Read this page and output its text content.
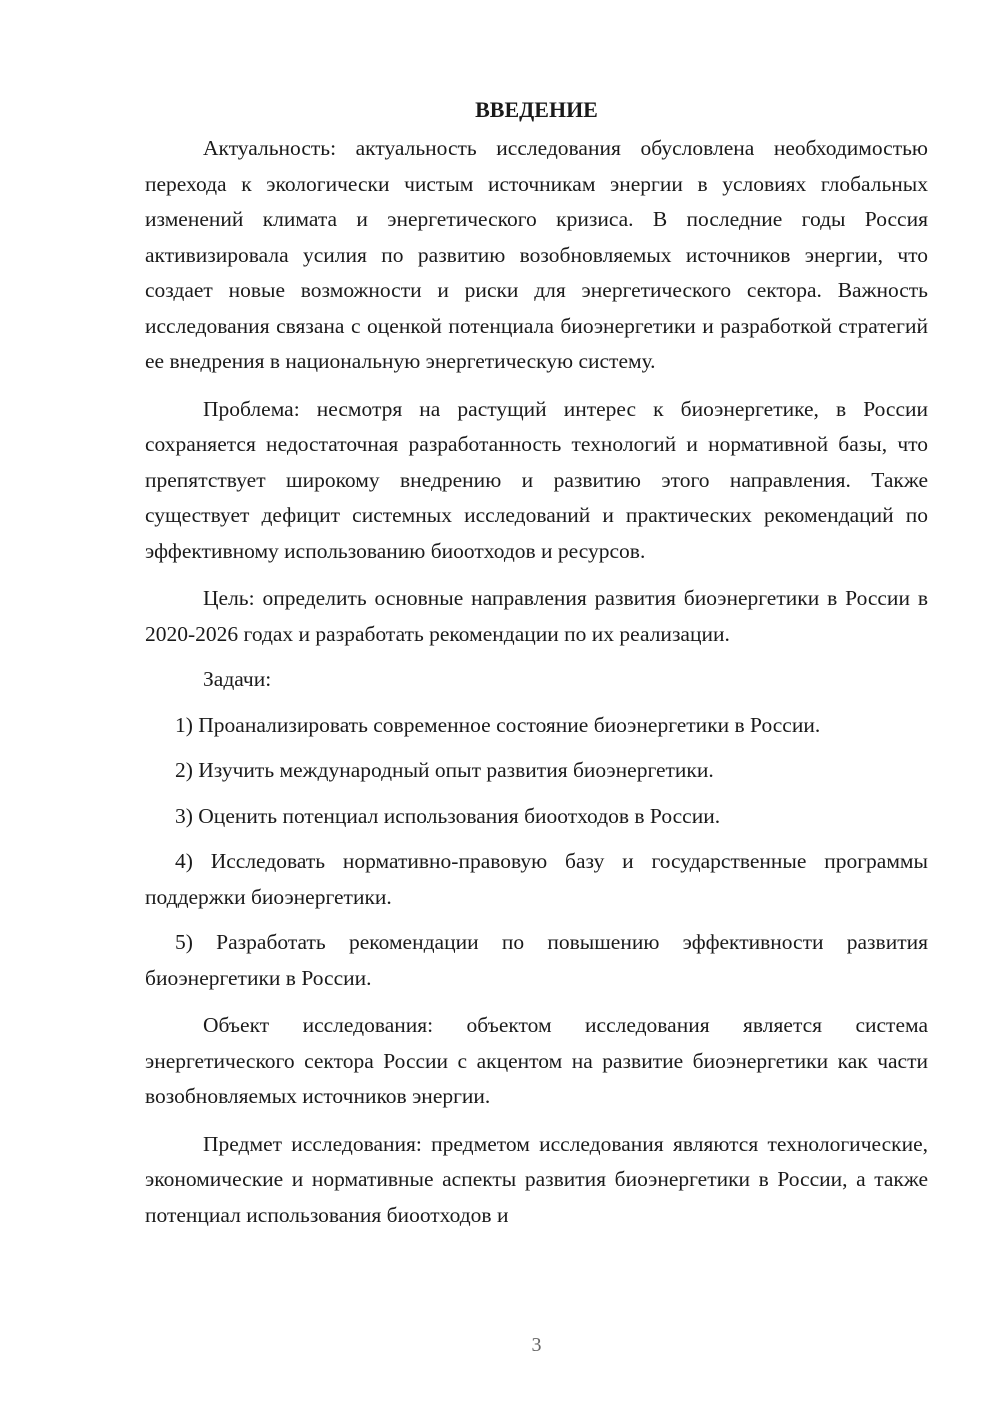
ВВЕДЕНИЕ

Актуальность: актуальность исследования обусловлена необходимостью перехода к экологически чистым источникам энергии в условиях глобальных изменений климата и энергетического кризиса. В последние годы Россия активизировала усилия по развитию возобновляемых источников энергии, что создает новые возможности и риски для энергетического сектора. Важность исследования связана с оценкой потенциала биоэнергетики и разработкой стратегий ее внедрения в национальную энергетическую систему.

Проблема: несмотря на растущий интерес к биоэнергетике, в России сохраняется недостаточная разработанность технологий и нормативной базы, что препятствует широкому внедрению и развитию этого направления. Также существует дефицит системных исследований и практических рекомендаций по эффективному использованию биоотходов и ресурсов.

Цель: определить основные направления развития биоэнергетики в России в 2020-2026 годах и разработать рекомендации по их реализации.

Задачи:

1) Проанализировать современное состояние биоэнергетики в России.

2) Изучить международный опыт развития биоэнергетики.

3) Оценить потенциал использования биоотходов в России.

4) Исследовать нормативно-правовую базу и государственные программы поддержки биоэнергетики.

5) Разработать рекомендации по повышению эффективности развития биоэнергетики в России.

Объект исследования: объектом исследования является система энергетического сектора России с акцентом на развитие биоэнергетики как части возобновляемых источников энергии.

Предмет исследования: предметом исследования являются технологические, экономические и нормативные аспекты развития биоэнергетики в России, а также потенциал использования биоотходов и

3
